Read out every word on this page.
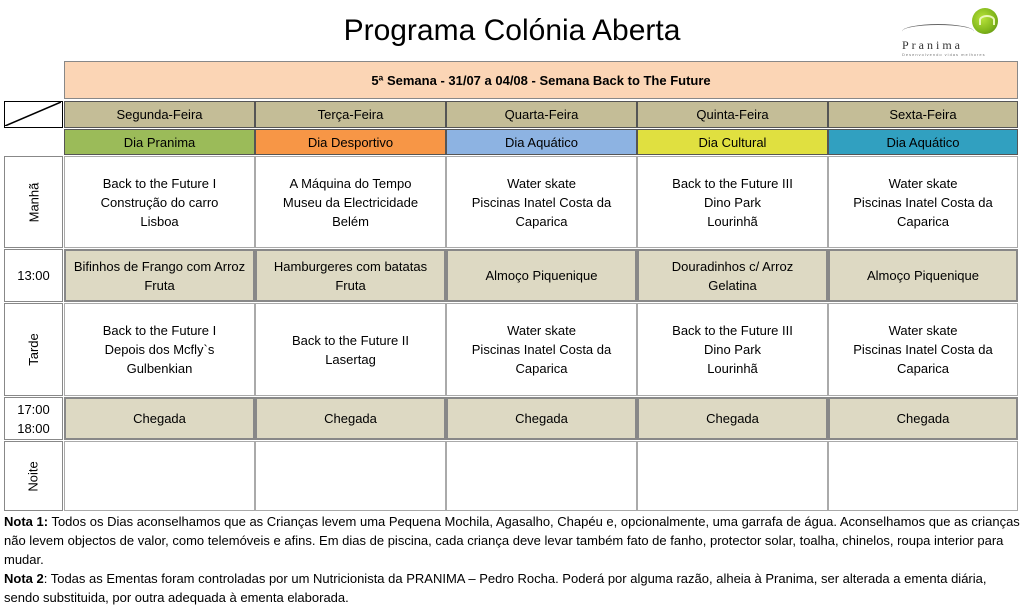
Programa Colónia Aberta	Pranima
Desenvolvendo vidas melhores
5ª Semana - 31/07 a 04/08 - Semana Back to The Future
Manhã
13:00
Tarde
17:00
18:00
Noite
Segunda-Feira
Dia Pranima
Back to the Future I
Construção do carro
Lisboa
Bifinhos de Frango com Arroz
Fruta
Back to the Future I
Depois dos Mcfly`s
Gulbenkian
Chegada
Terça-Feira
Dia Desportivo
A Máquina do Tempo
Museu da Electricidade
Belém
Hamburgeres com batatas
Fruta
Back to the Future II
Lasertag
Chegada
Quarta-Feira
Dia Aquático
Water skate
Piscinas Inatel Costa da
Caparica
Almoço Piquenique
Water skate
Piscinas Inatel Costa da
Caparica
Chegada
Quinta-Feira
Dia Cultural
Back to the Future III
Dino Park
Lourinhã
Douradinhos c/ Arroz
Gelatina
Back to the Future III
Dino Park
Lourinhã
Chegada
Sexta-Feira
Dia Aquático
Water skate
Piscinas Inatel Costa da
Caparica
Almoço Piquenique
Water skate
Piscinas Inatel Costa da
Caparica
Chegada
Nota 1: Todos os Dias aconselhamos que as Crianças levem uma Pequena Mochila, Agasalho, Chapéu e, opcionalmente, uma garrafa de água. Aconselhamos que as crianças não levem objectos de valor, como telemóveis e afins. Em dias de piscina, cada criança deve levar também fato de fanho, protector solar, toalha, chinelos, roupa interior para mudar.
Nota 2: Todas as Ementas foram controladas por um Nutricionista da PRANIMA – Pedro Rocha. Poderá por alguma razão, alheia à Pranima, ser alterada a ementa diária, sendo substituida, por outra adequada à ementa elaborada.
